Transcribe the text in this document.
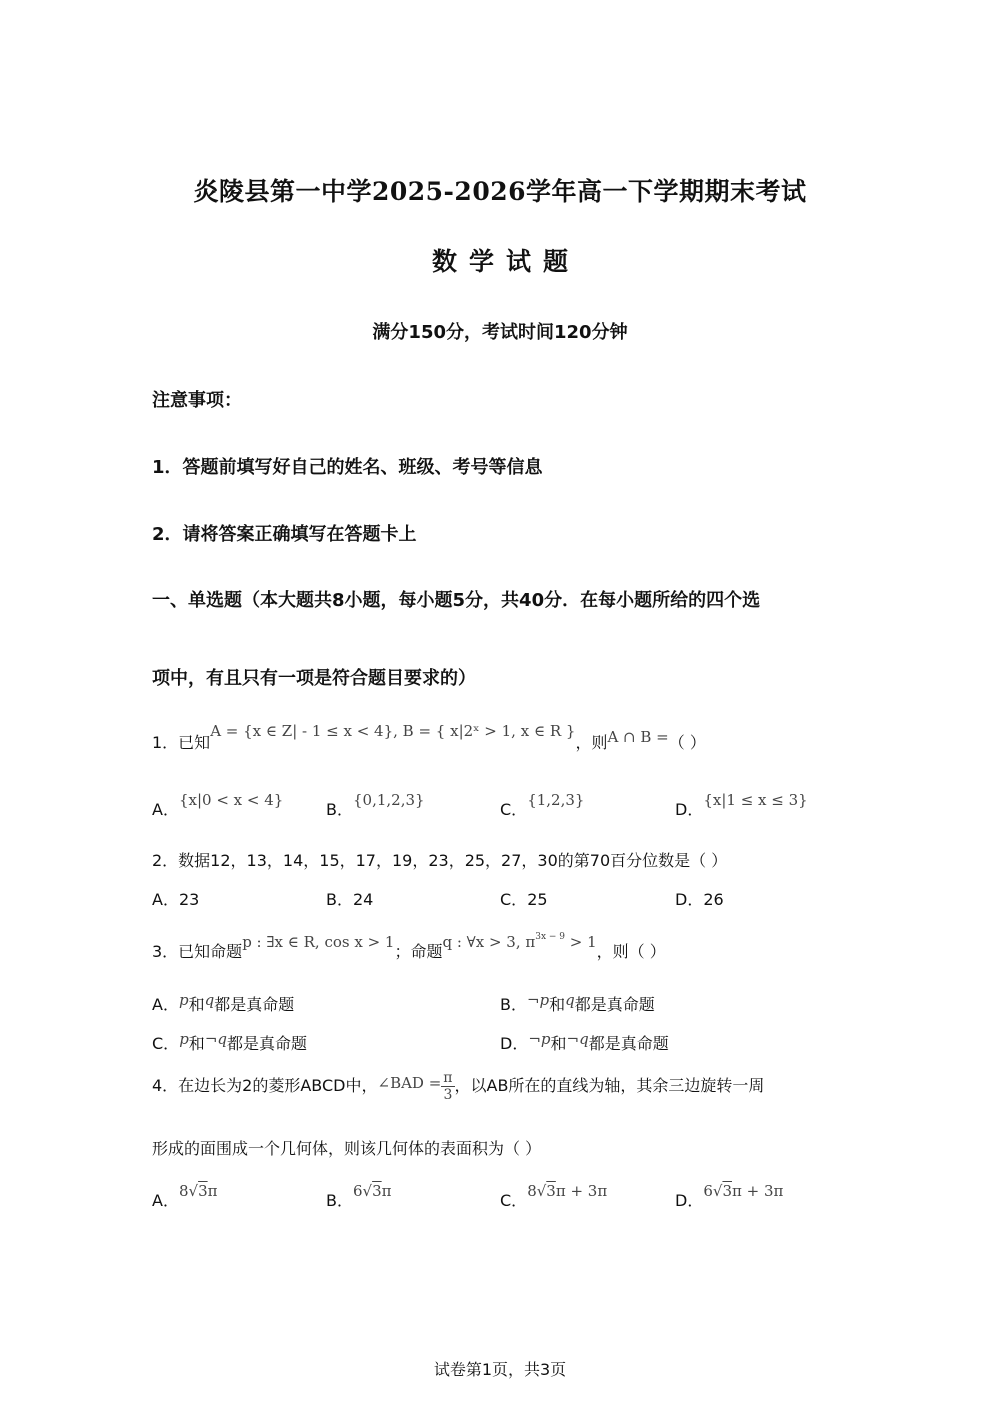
炎陵县第一中学2025-2026学年高一下学期期末考试
数学试题
满分150分，考试时间120分钟
注意事项：
1．答题前填写好自己的姓名、班级、考号等信息
2．请将答案正确填写在答题卡上
一、单选题（本大题共8小题，每小题5分，共40分．在每小题所给的四个选
项中，有且只有一项是符合题目要求的）
1．已知A = {x ∈ Z| - 1 ≤ x < 4}, B = { x|2ˣ > 1, x ∈ R }，则A ∩ B =（ ）
A．{x|0 < x < 4}	B．{0,1,2,3}	C．{1,2,3}	D．{x|1 ≤ x ≤ 3}
2．数据12，13，14，15，17，19，23，25，27，30的第70百分位数是（ ）
A．23	B．24	C．25	D．26
3．已知命题p : ∃x ∈ R, cos x > 1；命题q : ∀x > 3, $\pi^{3x - 9} > 1$，则（ ）
A．p和q都是真命题	B．¬p和q都是真命题
C．p和¬q都是真命题	D．¬p和¬q都是真命题
4．在边长为2的菱形ABCD中，∠BAD = $\frac{\pi}{3}$ ，以AB所在的直线为轴，其余三边旋转一周
形成的面围成一个几何体，则该几何体的表面积为（ ）
A．8√3π	B．6√3π	C．8√3π + 3π	D．6√3π + 3π
试卷第1页，共3页
